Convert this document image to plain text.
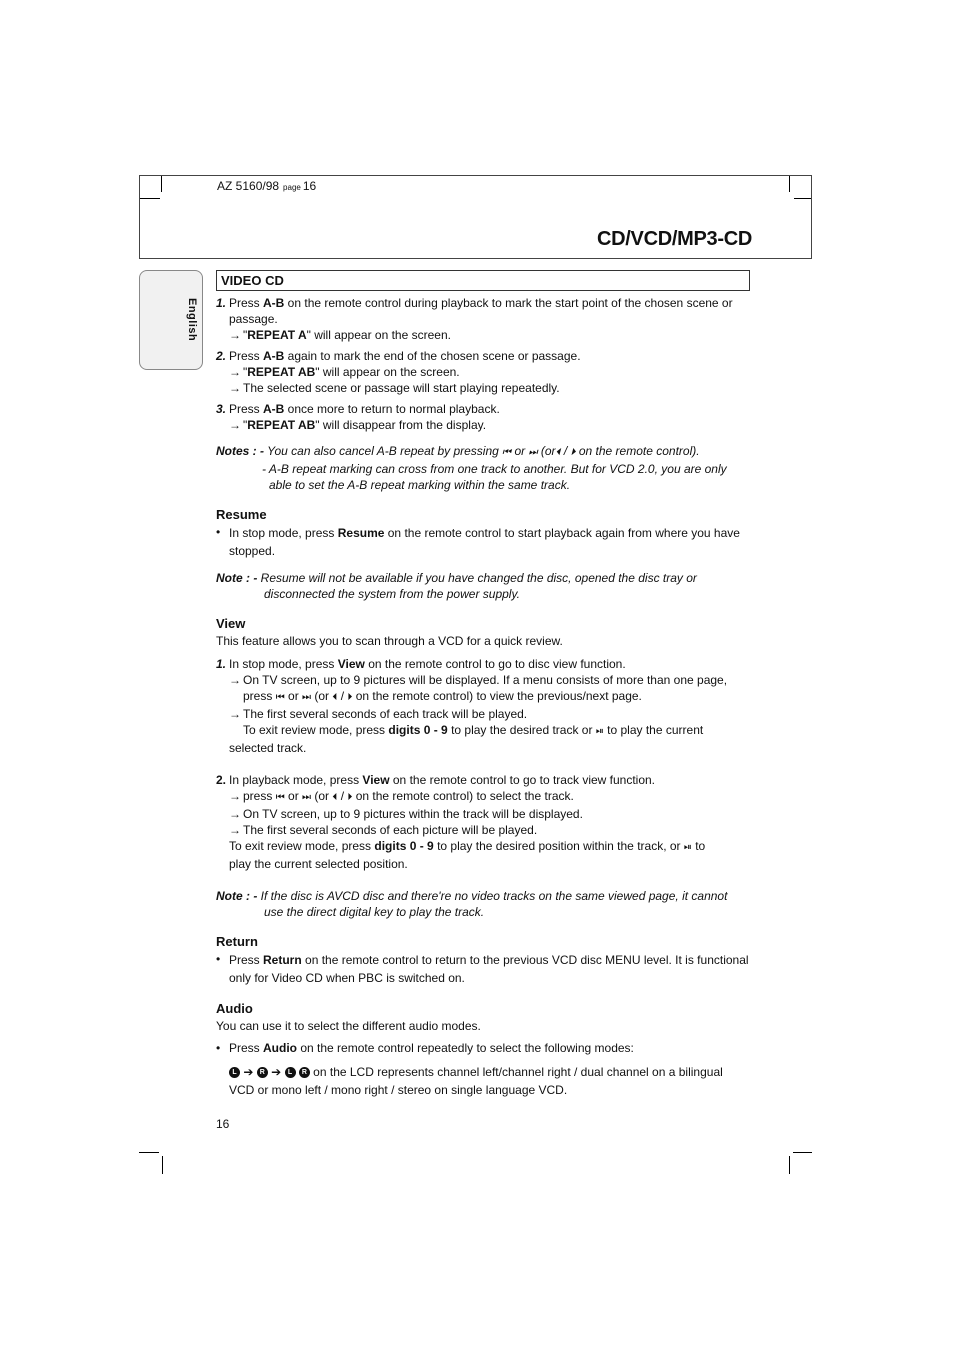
AZ 5160/98 page 16
CD/VCD/MP3-CD
English
VIDEO CD
1. Press A-B on the remote control during playback to mark the start point of the chosen scene or passage.
→ "REPEAT A" will appear on the screen.
2. Press A-B again to mark the end of the chosen scene or passage.
→ "REPEAT AB" will appear on the screen.
→ The selected scene or passage will start playing repeatedly.
3. Press A-B once more to return to normal playback.
→ "REPEAT AB" will disappear from the display.
Notes : - You can also cancel A-B repeat by pressing ⏮ or ⏭ (or⏴ / ⏵ on the remote control).
- A-B repeat marking can cross from one track to another. But for VCD 2.0, you are only
able to set the A-B repeat marking within the same track.
Resume
• In stop mode, press Resume on the remote control to start playback again from where you have stopped.
Note : - Resume will not be available if you have changed the disc, opened the disc tray or
disconnected the system from the power supply.
View
This feature allows you to scan through a VCD for a quick review.
1. In stop mode, press View on the remote control to go to disc view function.
→ On TV screen, up to 9 pictures will be displayed. If a menu consists of more than one page,
press ⏮ or ⏭ (or ⏴ / ⏵ on the remote control) to view the previous/next page.
→ The first several seconds of each track will be played.
To exit review mode, press digits 0 - 9 to play the desired track or ⏯ to play the current
selected track.
2. In playback mode, press View on the remote control to go to track view function.
→ press ⏮ or ⏭ (or ⏴ / ⏵ on the remote control) to select the track.
→ On TV screen, up to 9 pictures within the track will be displayed.
→ The first several seconds of each picture will be played.
To exit review mode, press digits 0 - 9 to play the desired position within the track, or ⏯ to
play the current selected position.
Note : - If the disc is AVCD disc and there're no video tracks on the same viewed page, it cannot
use the direct digital key to play the track.
Return
• Press Return on the remote control to return to the previous VCD disc MENU level. It is functional only for Video CD when PBC is switched on.
Audio
You can use it to select the different audio modes.
• Press Audio on the remote control repeatedly to select the following modes:
L ➔ R ➔ L R on the LCD represents channel left/channel right / dual channel on a bilingual
VCD or mono left / mono right / stereo on single language VCD.
16
